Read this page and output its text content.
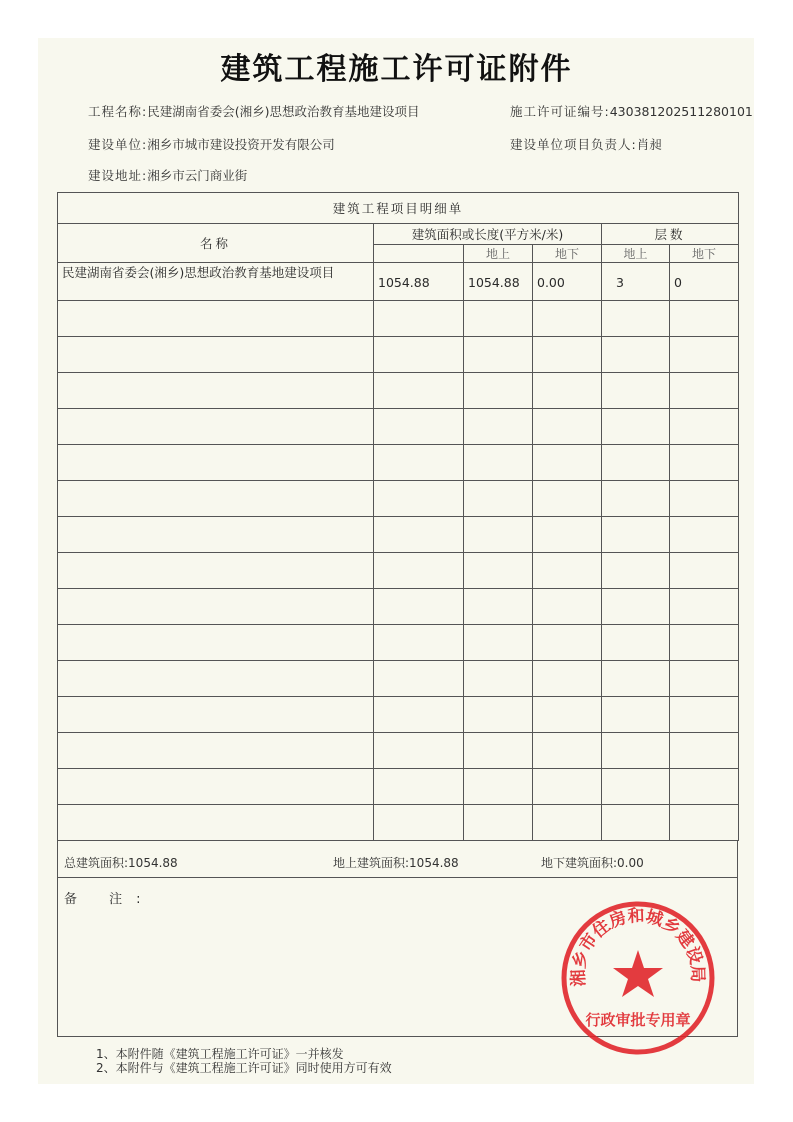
建筑工程施工许可证附件
工程名称:民建湖南省委会(湘乡)思想政治教育基地建设项目	施工许可证编号:430381202511280101
建设单位:湘乡市城市建设投资开发有限公司	建设单位项目负责人:肖昶
建设地址:湘乡市云门商业街
建筑工程项目明细单					
名称	建筑面积或长度(平方米/米)			层数	
		地上	地下	地上	地下
民建湖南省委会(湘乡)思想政治教育基地建设项目	1054.88	1054.88	0.00	3	0

总建筑面积:1054.88	地上建筑面积:1054.88	地下建筑面积:0.00
备 注:
湘乡市住房和城乡建设局
行政审批专用章
1、本附件随《建筑工程施工许可证》一并核发
2、本附件与《建筑工程施工许可证》同时使用方可有效
